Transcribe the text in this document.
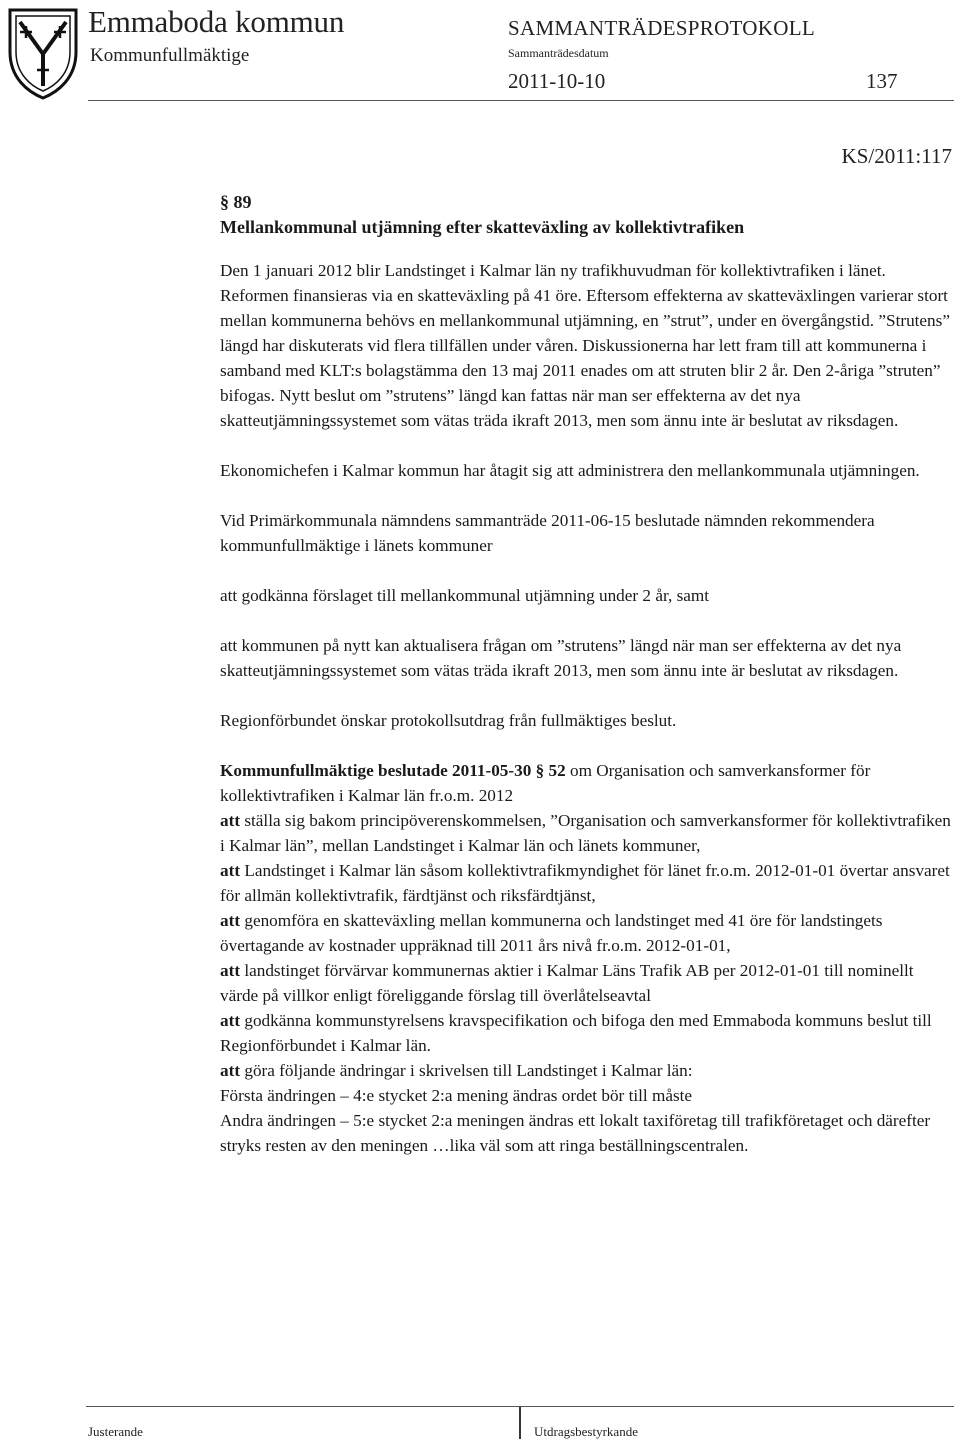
Emmaboda kommun
Kommunfullmäktige
SAMMANTRÄDESPROTOKOLL
Sammanträdesdatum
2011-10-10	137
KS/2011:117
§ 89
Mellankommunal utjämning efter skatteväxling av kollektivtrafiken

Den 1 januari 2012 blir Landstinget i Kalmar län ny trafikhuvudman för kollektivtrafiken i länet. Reformen finansieras via en skatteväxling på 41 öre. Eftersom effekterna av skatteväxlingen varierar stort mellan kommunerna behövs en mellankommunal utjämning, en ”strut”, under en övergångstid. ”Strutens” längd har diskuterats vid flera tillfällen under våren. Diskussionerna har lett fram till att kommunerna i samband med KLT:s bolagstämma den 13 maj 2011 enades om att struten blir 2 år. Den 2-åriga ”struten” bifogas. Nytt beslut om ”strutens” längd kan fattas när man ser effekterna av det nya skatteutjämningssystemet som vätas träda ikraft 2013, men som ännu inte är beslutat av riksdagen.

Ekonomichefen i Kalmar kommun har åtagit sig att administrera den mellankommunala utjämningen.

Vid Primärkommunala nämndens sammanträde 2011-06-15 beslutade nämnden rekommendera kommunfullmäktige i länets kommuner

att godkänna förslaget till mellankommunal utjämning under 2 år, samt

att kommunen på nytt kan aktualisera frågan om ”strutens” längd när man ser effekterna av det nya skatteutjämningssystemet som vätas träda ikraft 2013, men som ännu inte är beslutat av riksdagen.

Regionförbundet önskar protokollsutdrag från fullmäktiges beslut.

Kommunfullmäktige beslutade 2011-05-30 § 52 om Organisation och samverkansformer för kollektivtrafiken i Kalmar län fr.o.m. 2012
att ställa sig bakom principöverenskommelsen, ”Organisation och samverkansformer för kollektivtrafiken i Kalmar län”, mellan Landstinget i Kalmar län och länets kommuner,
att Landstinget i Kalmar län såsom kollektivtrafikmyndighet för länet fr.o.m. 2012-01-01 övertar ansvaret för allmän kollektivtrafik, färdtjänst och riksfärdtjänst,
att genomföra en skatteväxling mellan kommunerna och landstinget med 41 öre för landstingets övertagande av kostnader uppräknad till 2011 års nivå fr.o.m. 2012-01-01,
att landstinget förvärvar kommunernas aktier i Kalmar Läns Trafik AB per 2012-01-01 till nominellt värde på villkor enligt föreliggande förslag till överlåtelseavtal
att godkänna kommunstyrelsens kravspecifikation och bifoga den med Emmaboda kommuns beslut till Regionförbundet i Kalmar län.
att göra följande ändringar i skrivelsen till Landstinget i Kalmar län:
Första ändringen – 4:e stycket 2:a mening ändras ordet bör till måste
Andra ändringen – 5:e stycket 2:a meningen ändras ett lokalt taxiföretag till trafikföretaget och därefter stryks resten av den meningen …lika väl som att ringa beställningscentralen.
Justerande	Utdragsbestyrkande
